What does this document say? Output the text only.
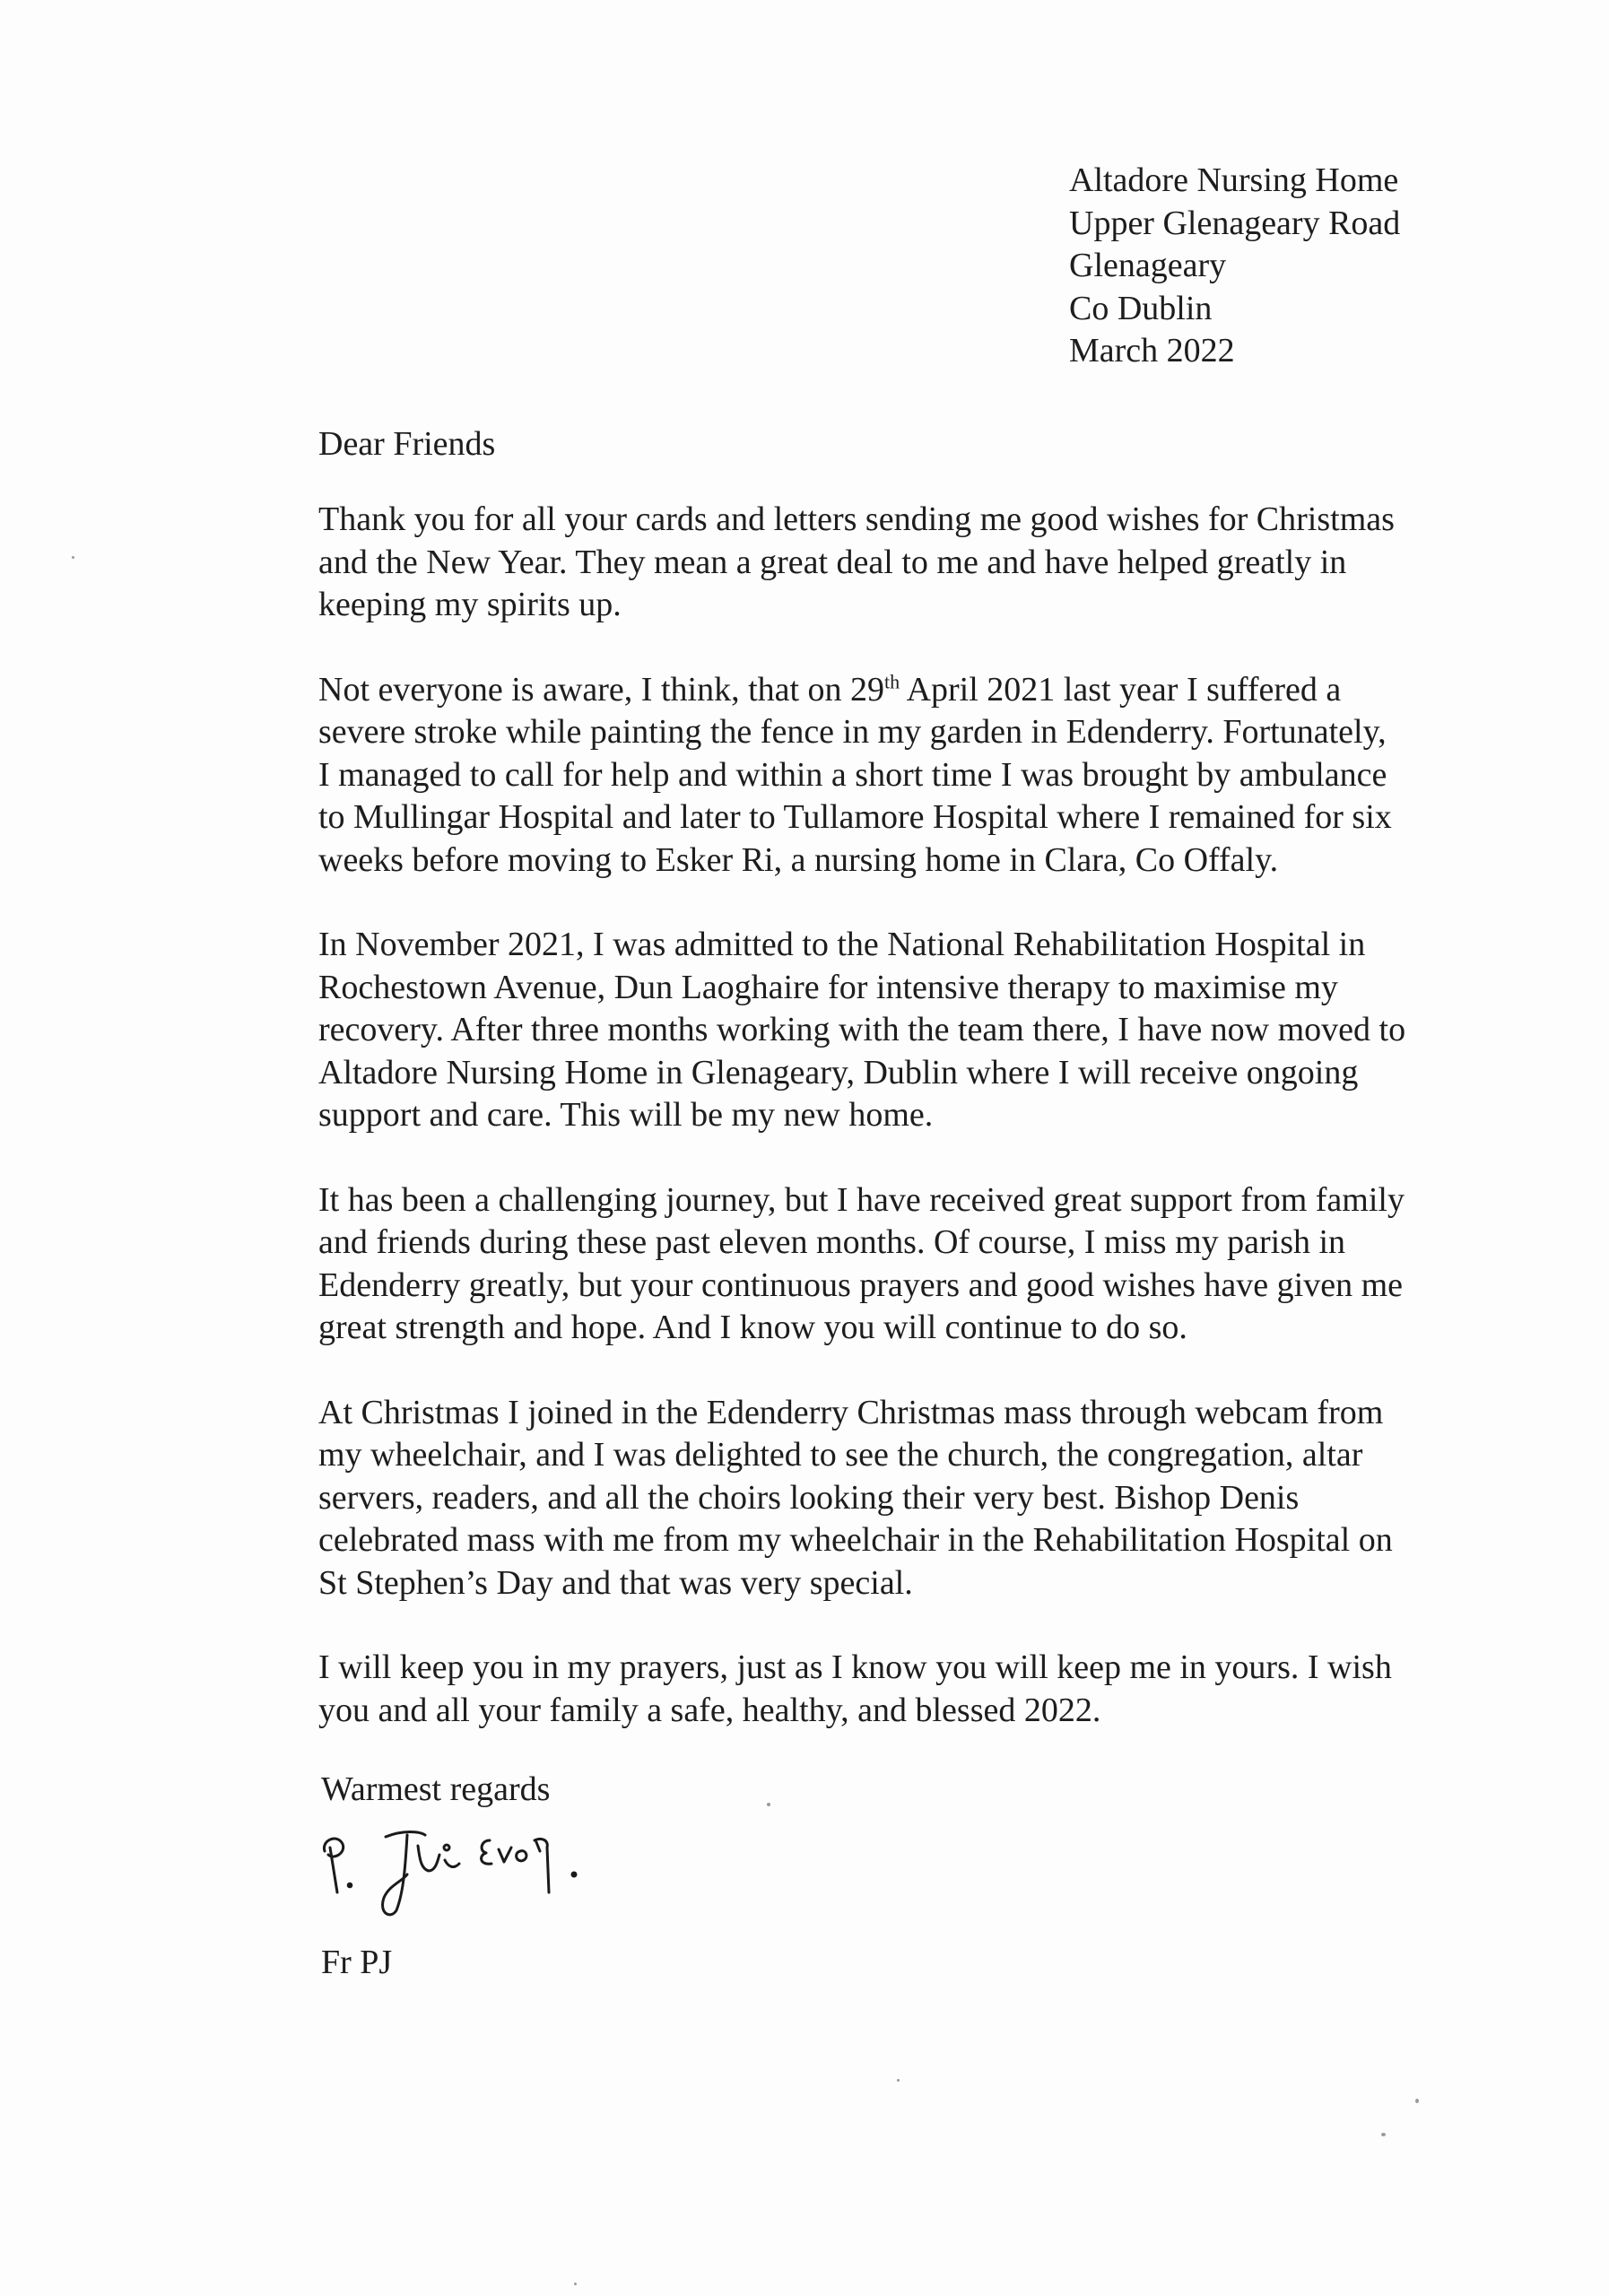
Altadore Nursing Home
Upper Glenageary Road
Glenageary
Co Dublin
March 2022
Dear Friends
Thank you for all your cards and letters sending me good wishes for Christmas
and the New Year. They mean a great deal to me and have helped greatly in
keeping my spirits up.
Not everyone is aware, I think, that on 29th April 2021 last year I suffered a
severe stroke while painting the fence in my garden in Edenderry. Fortunately,
I managed to call for help and within a short time I was brought by ambulance
to Mullingar Hospital and later to Tullamore Hospital where I remained for six
weeks before moving to Esker Ri, a nursing home in Clara, Co Offaly.
In November 2021, I was admitted to the National Rehabilitation Hospital in
Rochestown Avenue, Dun Laoghaire for intensive therapy to maximise my
recovery. After three months working with the team there, I have now moved to
Altadore Nursing Home in Glenageary, Dublin where I will receive ongoing
support and care. This will be my new home.
It has been a challenging journey, but I have received great support from family
and friends during these past eleven months. Of course, I miss my parish in
Edenderry greatly, but your continuous prayers and good wishes have given me
great strength and hope. And I know you will continue to do so.
At Christmas I joined in the Edenderry Christmas mass through webcam from
my wheelchair, and I was delighted to see the church, the congregation, altar
servers, readers, and all the choirs looking their very best. Bishop Denis
celebrated mass with me from my wheelchair in the Rehabilitation Hospital on
St Stephen’s Day and that was very special.
I will keep you in my prayers, just as I know you will keep me in yours. I wish
you and all your family a safe, healthy, and blessed 2022.
Warmest regards
Fr PJ
